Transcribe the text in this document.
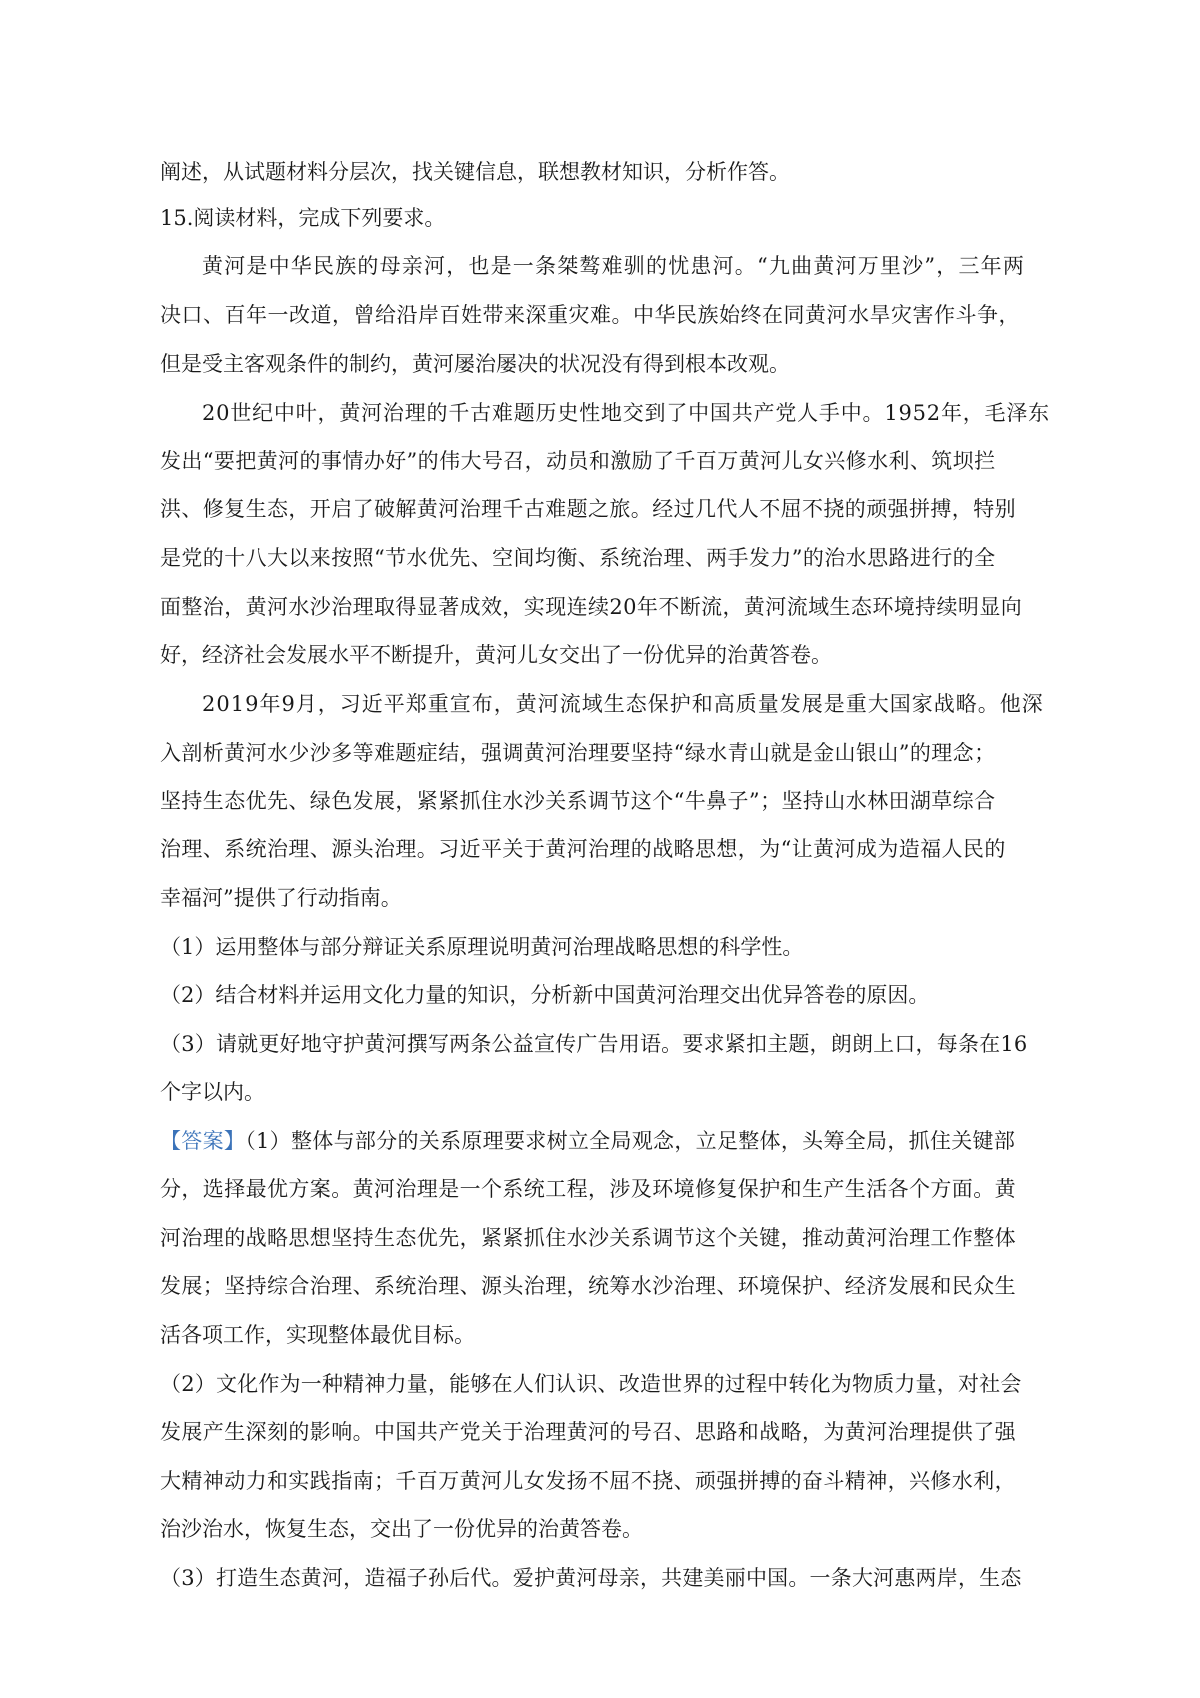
阐述，从试题材料分层次，找关键信息，联想教材知识，分析作答。
15.阅读材料，完成下列要求。
黄河是中华民族的母亲河，也是一条桀骜难驯的忧患河。“九曲黄河万里沙”，三年两
决口、百年一改道，曾给沿岸百姓带来深重灾难。中华民族始终在同黄河水旱灾害作斗争，
但是受主客观条件的制约，黄河屡治屡决的状况没有得到根本改观。
20世纪中叶，黄河治理的千古难题历史性地交到了中国共产党人手中。1952年，毛泽东
发出“要把黄河的事情办好”的伟大号召，动员和激励了千百万黄河儿女兴修水利、筑坝拦
洪、修复生态，开启了破解黄河治理千古难题之旅。经过几代人不屈不挠的顽强拼搏，特别
是党的十八大以来按照“节水优先、空间均衡、系统治理、两手发力”的治水思路进行的全
面整治，黄河水沙治理取得显著成效，实现连续20年不断流，黄河流域生态环境持续明显向
好，经济社会发展水平不断提升，黄河儿女交出了一份优异的治黄答卷。
2019年9月，习近平郑重宣布，黄河流域生态保护和高质量发展是重大国家战略。他深
入剖析黄河水少沙多等难题症结，强调黄河治理要坚持“绿水青山就是金山银山”的理念；
坚持生态优先、绿色发展，紧紧抓住水沙关系调节这个“牛鼻子”；坚持山水林田湖草综合
治理、系统治理、源头治理。习近平关于黄河治理的战略思想，为“让黄河成为造福人民的
幸福河”提供了行动指南。
（1）运用整体与部分辩证关系原理说明黄河治理战略思想的科学性。
（2）结合材料并运用文化力量的知识，分析新中国黄河治理交出优异答卷的原因。
（3）请就更好地守护黄河撰写两条公益宣传广告用语。要求紧扣主题，朗朗上口，每条在16
个字以内。
【答案】（1）整体与部分的关系原理要求树立全局观念，立足整体，头筹全局，抓住关键部
分，选择最优方案。黄河治理是一个系统工程，涉及环境修复保护和生产生活各个方面。黄
河治理的战略思想坚持生态优先，紧紧抓住水沙关系调节这个关键，推动黄河治理工作整体
发展；坚持综合治理、系统治理、源头治理，统筹水沙治理、环境保护、经济发展和民众生
活各项工作，实现整体最优目标。
（2）文化作为一种精神力量，能够在人们认识、改造世界的过程中转化为物质力量，对社会
发展产生深刻的影响。中国共产党关于治理黄河的号召、思路和战略，为黄河治理提供了强
大精神动力和实践指南；千百万黄河儿女发扬不屈不挠、顽强拼搏的奋斗精神，兴修水利，
治沙治水，恢复生态，交出了一份优异的治黄答卷。
（3）打造生态黄河，造福子孙后代。爱护黄河母亲，共建美丽中国。一条大河惠两岸，生态
